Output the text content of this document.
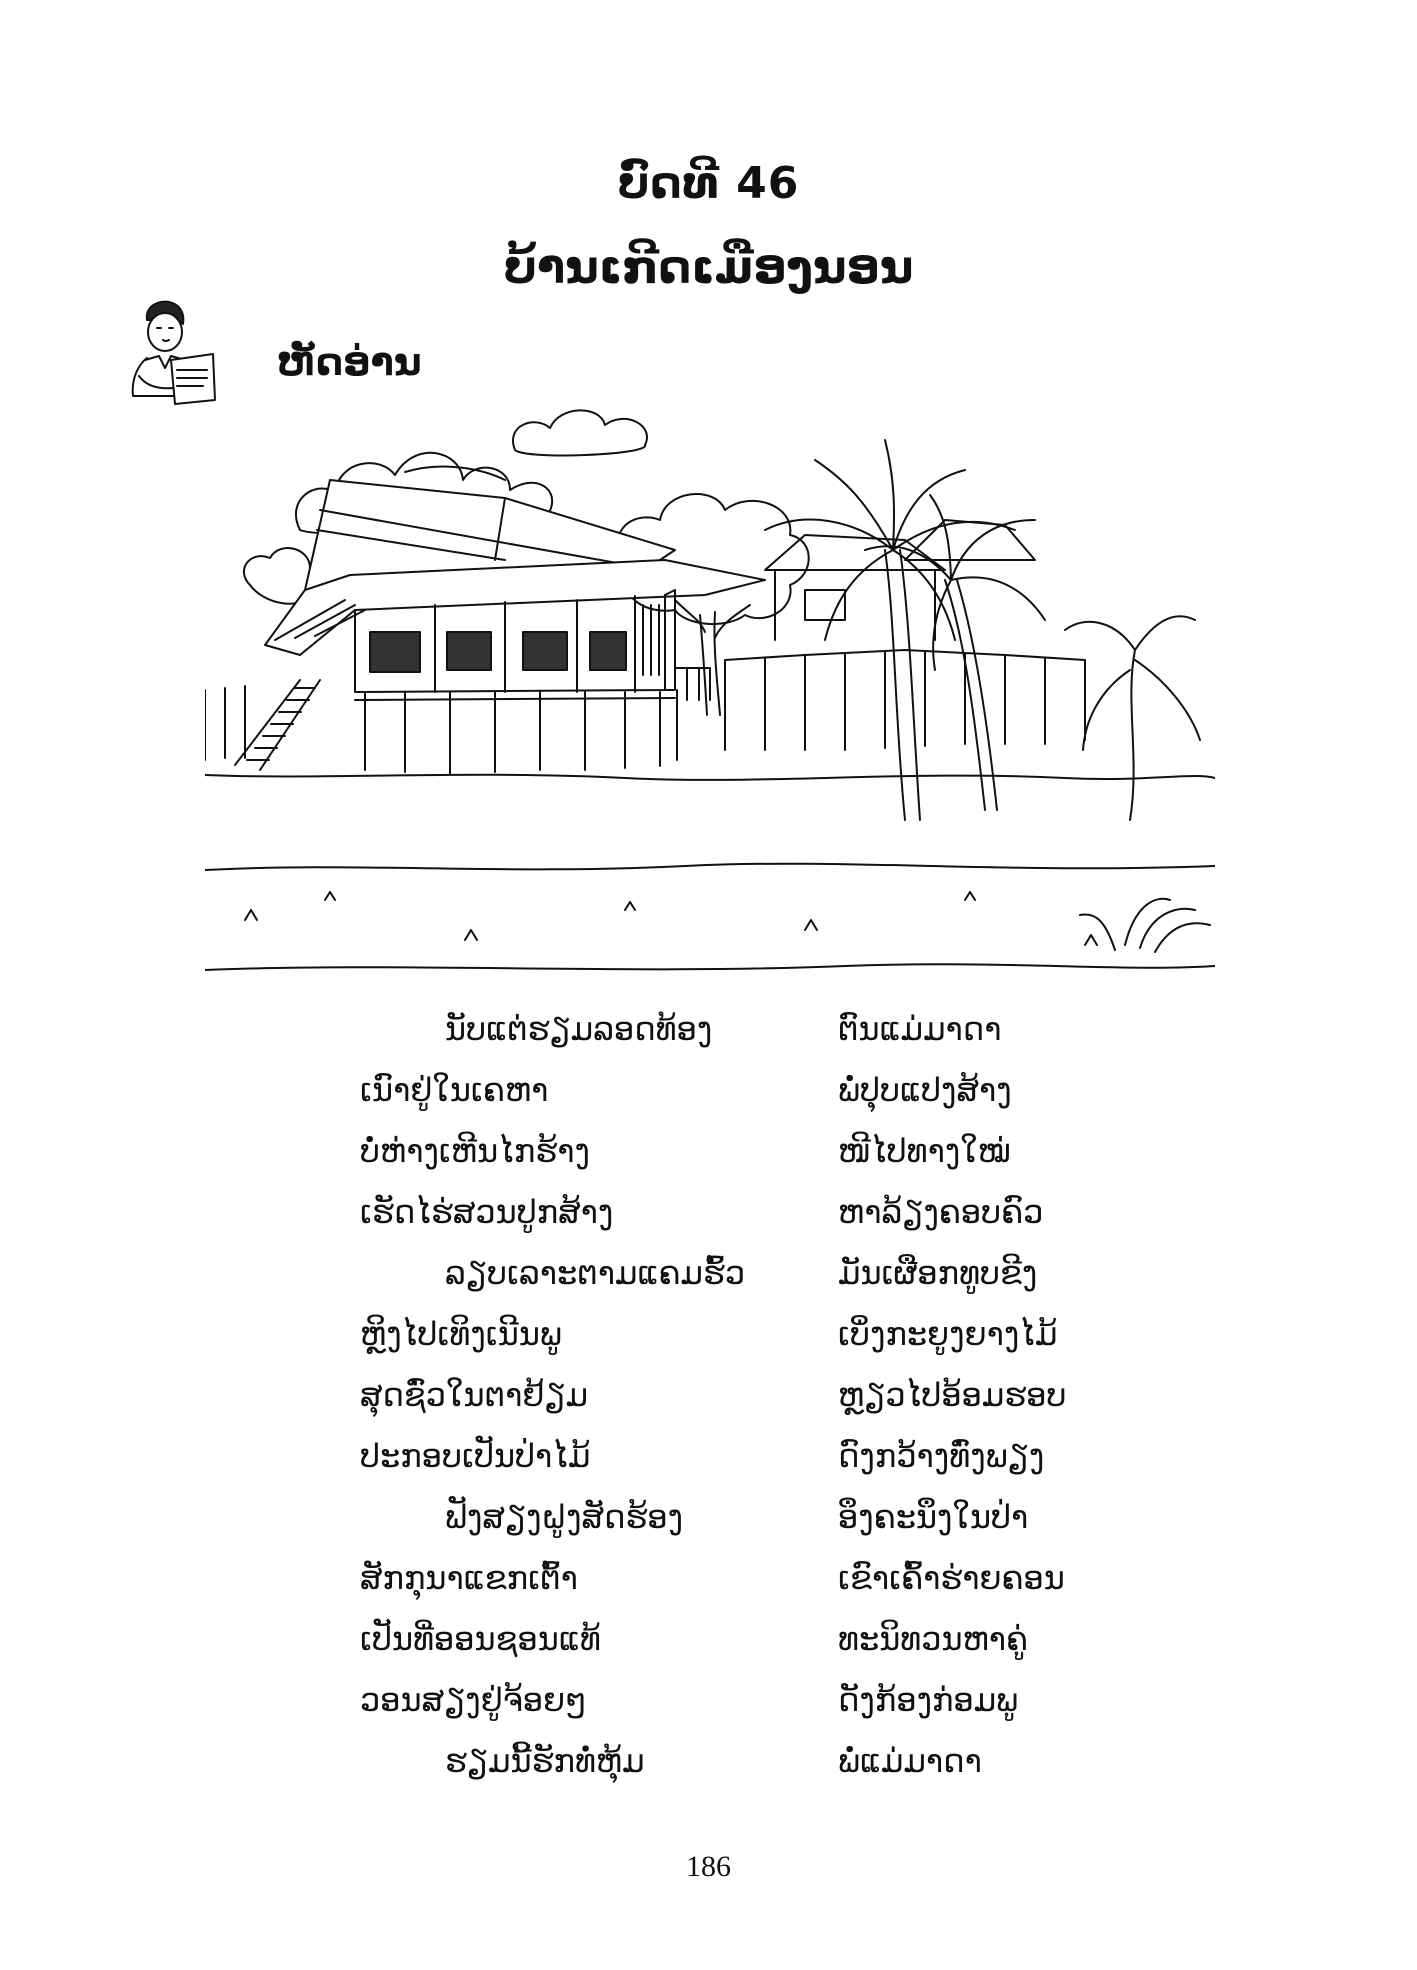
ບົດທີ 46
ບ້ານເກີດເມືອງນອນ
ຫັດອ່ານ
ນັບແຕ່ຮຽມລອດທ້ອງ	ຕົນແມ່ມາດາ
ເນົາຢູ່ໃນເຄຫາ	ພໍ່ປຸບແປງສ້າງ
ບໍ່ຫ່າງເຫີນໄກຮ້າງ	ໜີໄປທາງໃໝ່
ເຮັດໄຮ່ສວນປູກສ້າງ	ຫາລ້ຽງຄອບຄົວ
ລຽບເລາະຕາມແຄມຮົ້ວ	ມັນເຜືອກທູບຂີງ
ຫຼິງໄປເທິງເນີນພູ	ເບິ່ງກະຍູງຍາງໄມ້
ສຸດຊົ່ວໃນຕາຢ້ຽມ	ຫຼຽວໄປອ້ອມຮອບ
ປະກອບເປັນປ່າໄມ້	ດົງກວ້າງທົ່ງພຽງ
ຟັງສຽງຝູງສັດຮ້ອງ	ອຶງຄະນຶງໃນປ່າ
ສັກກຸນາແຂກເຕົ້າ	ເຂົາເຄົ້າຮ່າຍຄອນ
ເປັນທີ່ອອນຊອນແທ້	ທະນິທວນຫາຄູ່
ວອນສຽງຢູ່ຈ້ອຍໆ	ດັງກ້ອງກ່ອມພູ
ຮຽມນີ້ຮັກທໍ່ຫຸ້ມ	ພໍ່ແມ່ມາດາ
186
